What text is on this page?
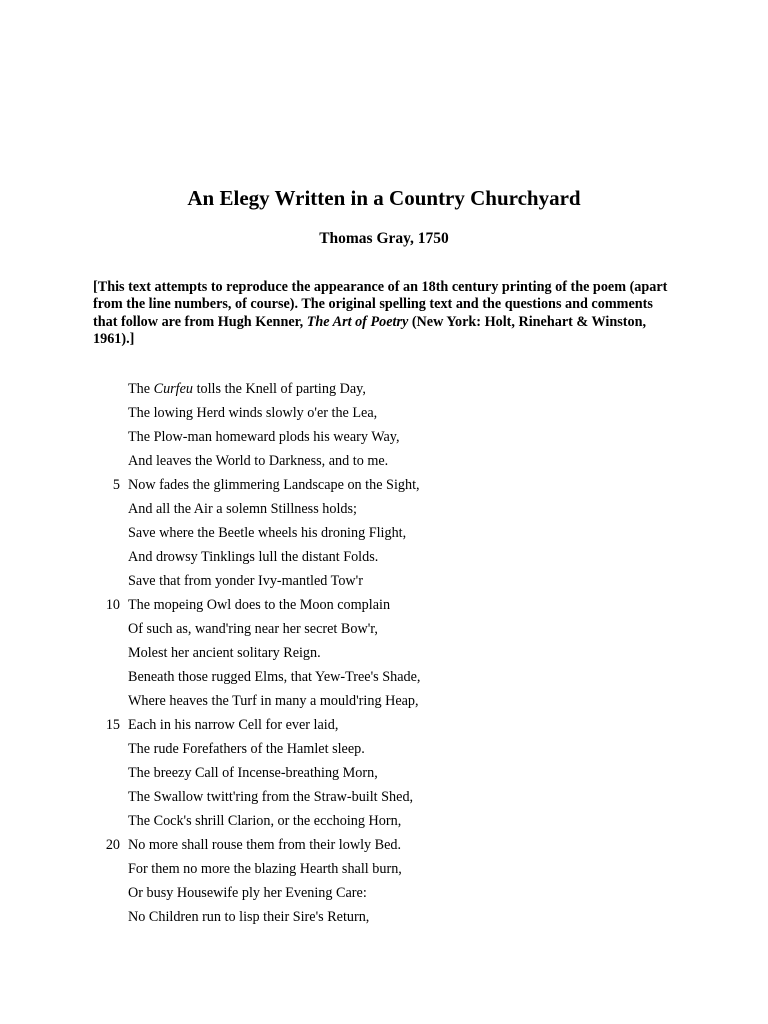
An Elegy Written in a Country Churchyard
Thomas Gray, 1750

[This text attempts to reproduce the appearance of an 18th century printing of the poem (apart from the line numbers, of course). The original spelling text and the questions and comments that follow are from Hugh Kenner, The Art of Poetry (New York: Holt, Rinehart & Winston, 1961).]

The Curfeu tolls the Knell of parting Day,
The lowing Herd winds slowly o'er the Lea,
The Plow-man homeward plods his weary Way,
And leaves the World to Darkness, and to me.
5 Now fades the glimmering Landscape on the Sight,
And all the Air a solemn Stillness holds;
Save where the Beetle wheels his droning Flight,
And drowsy Tinklings lull the distant Folds.
Save that from yonder Ivy-mantled Tow'r
10 The mopeing Owl does to the Moon complain
Of such as, wand'ring near her secret Bow'r,
Molest her ancient solitary Reign.
Beneath those rugged Elms, that Yew-Tree's Shade,
Where heaves the Turf in many a mould'ring Heap,
15 Each in his narrow Cell for ever laid,
The rude Forefathers of the Hamlet sleep.
The breezy Call of Incense-breathing Morn,
The Swallow twitt'ring from the Straw-built Shed,
The Cock's shrill Clarion, or the ecchoing Horn,
20 No more shall rouse them from their lowly Bed.
For them no more the blazing Hearth shall burn,
Or busy Housewife ply her Evening Care:
No Children run to lisp their Sire's Return,
